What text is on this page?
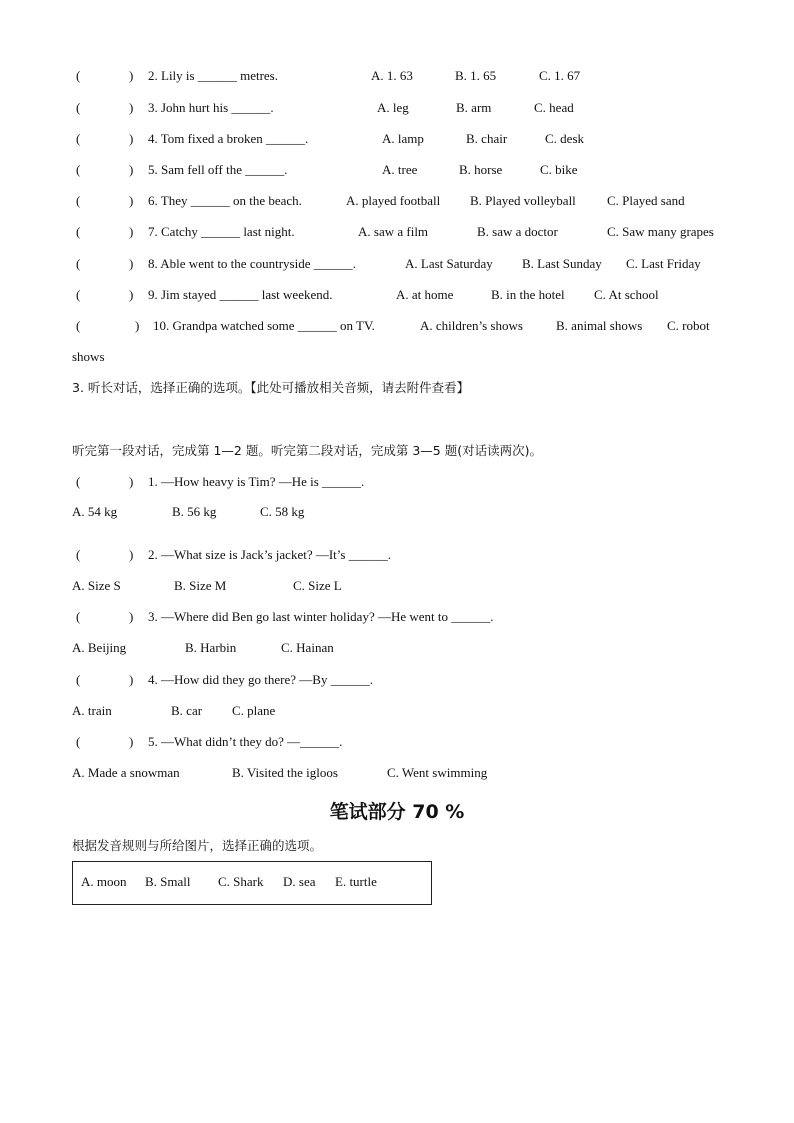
(	) 2. Lily is ______ metres.	A. 1. 63	B. 1. 65	C. 1. 67
(	) 3. John hurt his ______.	A. leg	B. arm	C. head
(	) 4. Tom fixed a broken ______.	A. lamp	B. chair	C. desk
(	) 5. Sam fell off the ______.	A. tree	B. horse	C. bike
(	) 6. They ______ on the beach.	A. played football B. Played volleyball C. Played sand
(	) 7. Catchy ______ last night.	A. saw a film	B. saw a doctor	C. Saw many grapes
(	) 8. Able went to the countryside ______.	A. Last Saturday B. Last Sunday C. Last Friday
(	) 9. Jim stayed ______ last weekend.	A. at home	B. in the hotel C. At school
(	) 10. Grandpa watched some ______ on TV.	A. children’s shows	B. animal shows C. robot
shows
3. 听长对话，选择正确的选项。【此处可播放相关音频，请去附件查看】
听完第一段对话，完成第 1—2 题。听完第二段对话，完成第 3—5 题(对话读两次)。
(	) 1. —How heavy is Tim? —He is ______.
A. 54 kg	B. 56 kg	C. 58 kg
(	) 2. —What size is Jack’s jacket? —It’s ______.
A. Size S	B. Size M	C. Size L
(	) 3. —Where did Ben go last winter holiday? —He went to ______.
A. Beijing	B. Harbin	C. Hainan
(	) 4. —How did they go there? —By ______.
A. train	B. car C. plane
(	) 5. —What didn’t they do? —______.
A. Made a snowman	B. Visited the igloos	C. Went swimming
笔试部分 70 %
根据发音规则与所给图片，选择正确的选项。
A. moon B. Small C. Shark D. sea E. turtle
